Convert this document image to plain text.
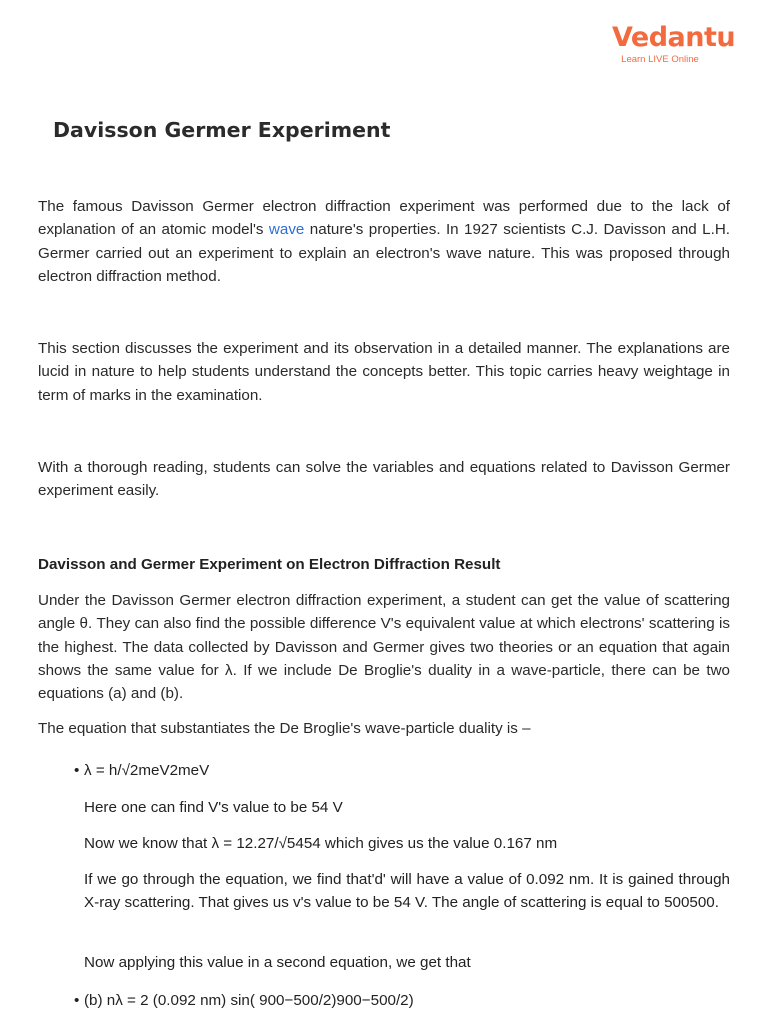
Vedantu
Learn LIVE Online
Davisson Germer Experiment

The famous Davisson Germer electron diffraction experiment was performed due to the lack of explanation of an atomic model's wave nature's properties. In 1927 scientists C.J. Davisson and L.H. Germer carried out an experiment to explain an electron's wave nature. This was proposed through electron diffraction method.

This section discusses the experiment and its observation in a detailed manner. The explanations are lucid in nature to help students understand the concepts better. This topic carries heavy weightage in term of marks in the examination.

With a thorough reading, students can solve the variables and equations related to Davisson Germer experiment easily.

Davisson and Germer Experiment on Electron Diffraction Result

Under the Davisson Germer electron diffraction experiment, a student can get the value of scattering angle θ. They can also find the possible difference V's equivalent value at which electrons' scattering is the highest. The data collected by Davisson and Germer gives two theories or an equation that again shows the same value for λ. If we include De Broglie's duality in a wave-particle, there can be two equations (a) and (b).

The equation that substantiates the De Broglie's wave-particle duality is –

• λ = h/√2meV2meV

Here one can find V's value to be 54 V

Now we know that λ = 12.27/√5454 which gives us the value 0.167 nm

If we go through the equation, we find that'd' will have a value of 0.092 nm. It is gained through X-ray scattering. That gives us v's value to be 54 V. The angle of scattering is equal to 500500.

Now applying this value in a second equation, we get that

• (b) nλ = 2 (0.092 nm) sin( 900−500/2)900−500/2)
